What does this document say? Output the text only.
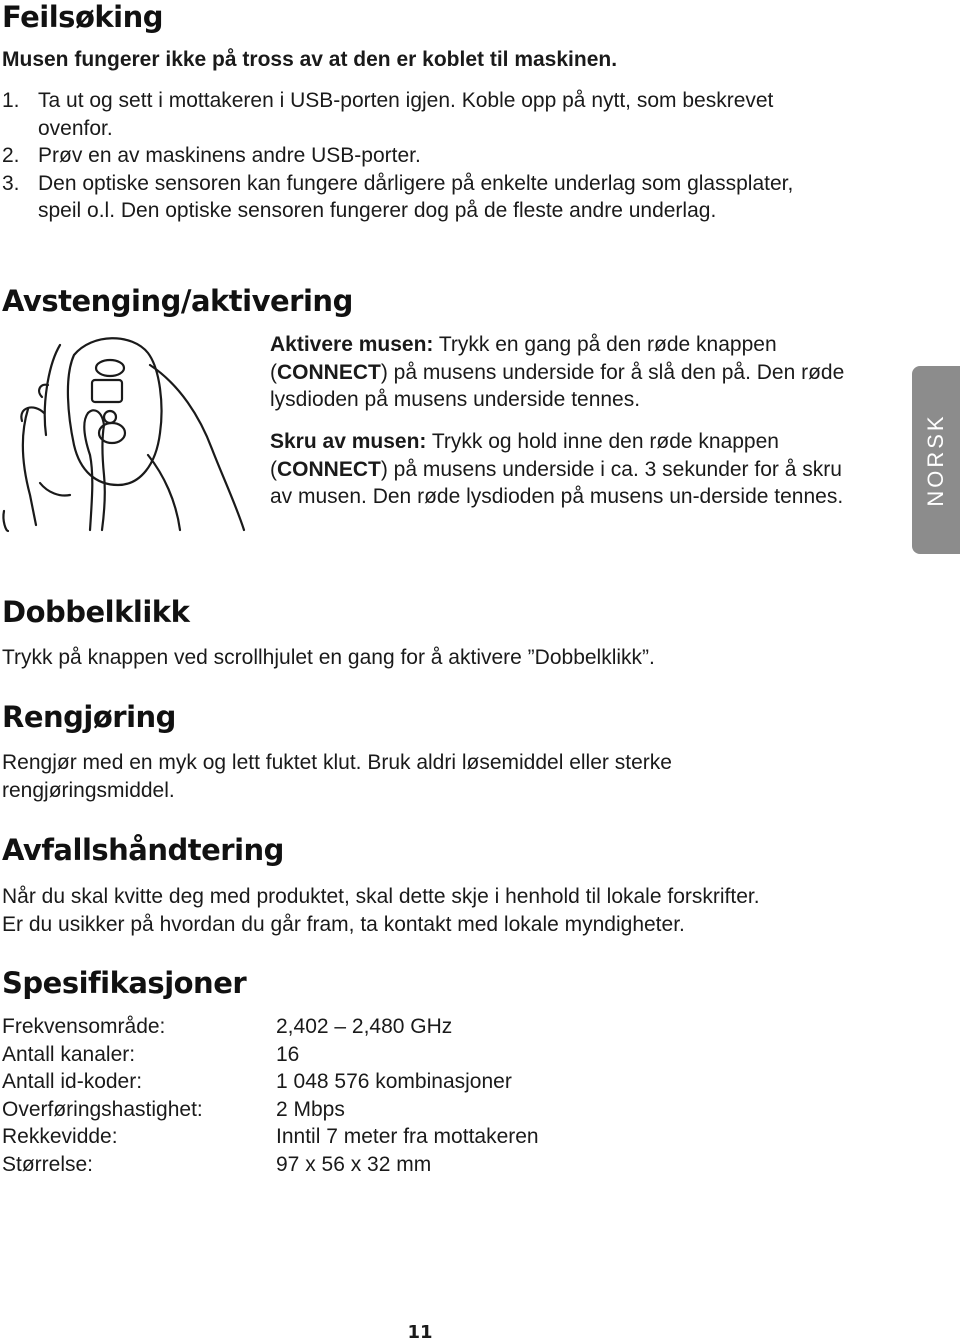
Feilsøking

Musen fungerer ikke på tross av at den er koblet til maskinen.

1. Ta ut og sett i mottakeren i USB-porten igjen. Koble opp på nytt, som beskrevet ovenfor.
2. Prøv en av maskinens andre USB-porter.
3. Den optiske sensoren kan fungere dårligere på enkelte underlag som glassplater, speil o.l. Den optiske sensoren fungerer dog på de fleste andre underlag.
Avstenging/aktivering

Aktivere musen: Trykk en gang på den røde knappen (CONNECT) på musens underside for å slå den på. Den røde lysdioden på musens underside tennes.

Skru av musen: Trykk og hold inne den røde knappen (CONNECT) på musens underside i ca. 3 sekunder for å skru av musen. Den røde lysdioden på musens un-derside tennes.	NORSK
Dobbelklikk

Trykk på knappen ved scrollhjulet en gang for å aktivere ”Dobbelklikk”.

Rengjøring

Rengjør med en myk og lett fuktet klut. Bruk aldri løsemiddel eller sterke rengjøringsmiddel.

Avfallshåndtering

Når du skal kvitte deg med produktet, skal dette skje i henhold til lokale forskrifter.
Er du usikker på hvordan du går fram, ta kontakt med lokale myndigheter.

Spesifikasjoner
Frekvensområde:	2,402 – 2,480 GHz
Antall kanaler:	16
Antall id-koder:	1 048 576 kombinasjoner
Overføringshastighet:	2 Mbps
Rekkevidde:	Inntil 7 meter fra mottakeren
Størrelse:	97 x 56 x 32 mm
11
